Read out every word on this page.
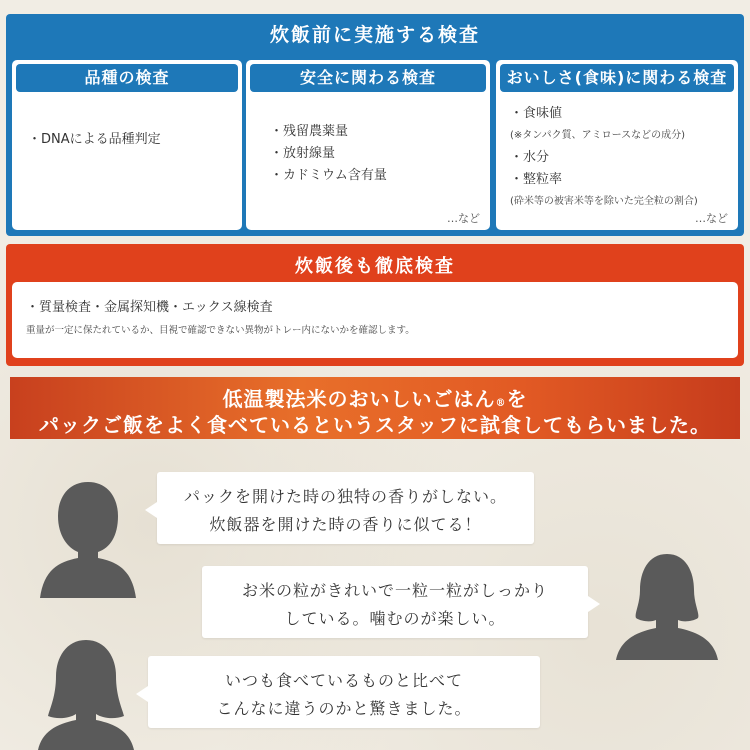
炊飯前に実施する検査
品種の検査
・DNAによる品種判定
安全に関わる検査
・残留農薬量
・放射線量
・カドミウム含有量
…など
おいしさ(食味)に関わる検査
・食味値
(※タンパク質、アミロースなどの成分)
・水分
・整粒率
(砕米等の被害米等を除いた完全粒の割合)
…など
炊飯後も徹底検査
・質量検査・金属探知機・エックス線検査
重量が一定に保たれているか、目視で確認できない異物がトレー内にないかを確認します。
低温製法米のおいしいごはん®を
パックご飯をよく食べているというスタッフに試食してもらいました。
パックを開けた時の独特の香りがしない。
炊飯器を開けた時の香りに似てる！
お米の粒がきれいで一粒一粒がしっかり
している。噛むのが楽しい。
いつも食べているものと比べて
こんなに違うのかと驚きました。
